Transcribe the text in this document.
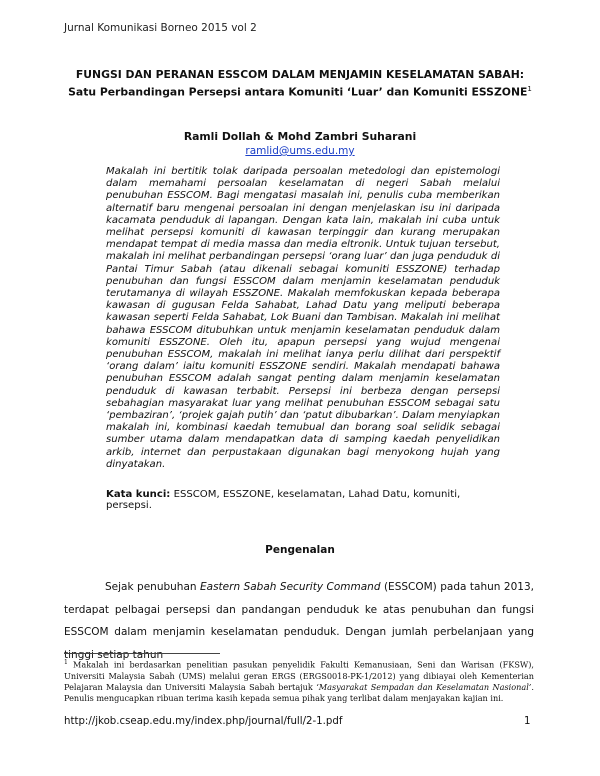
Jurnal Komunikasi Borneo 2015 vol 2
FUNGSI DAN PERANAN ESSCOM DALAM MENJAMIN KESELAMATAN SABAH:
Satu Perbandingan Persepsi antara Komuniti ‘Luar’ dan Komuniti ESSZONE$^1$
Ramli Dollah & Mohd Zambri Suharani
ramlid@ums.edu.my

Makalah ini bertitik tolak daripada persoalan metedologi dan epistemologi dalam memahami persoalan keselamatan di negeri Sabah melalui penubuhan ESSCOM. Bagi mengatasi masalah ini, penulis cuba memberikan alternatif baru mengenai persoalan ini dengan menjelaskan isu ini daripada kacamata penduduk di lapangan. Dengan kata lain, makalah ini cuba untuk melihat persepsi komuniti di kawasan terpinggir dan kurang merupakan mendapat tempat di media massa dan media eltronik. Untuk tujuan tersebut, makalah ini melihat perbandingan persepsi ‘orang luar’ dan juga penduduk di Pantai Timur Sabah (atau dikenali sebagai komuniti ESSZONE) terhadap penubuhan dan fungsi ESSCOM dalam menjamin keselamatan penduduk terutamanya di wilayah ESSZONE. Makalah memfokuskan kepada beberapa kawasan di gugusan Felda Sahabat, Lahad Datu yang meliputi beberapa kawasan seperti Felda Sahabat, Lok Buani dan Tambisan. Makalah ini melihat bahawa ESSCOM ditubuhkan untuk menjamin keselamatan penduduk dalam komuniti ESSZONE. Oleh itu, apapun persepsi yang wujud mengenai penubuhan ESSCOM, makalah ini melihat ianya perlu dilihat dari perspektif ‘orang dalam’ iaitu komuniti ESSZONE sendiri. Makalah mendapati bahawa penubuhan ESSCOM adalah sangat penting dalam menjamin keselamatan penduduk di kawasan terbabit. Persepsi ini berbeza dengan persepsi sebahagian masyarakat luar yang melihat penubuhan ESSCOM sebagai satu ‘pembaziran’, ‘projek gajah putih’ dan ‘patut dibubarkan’. Dalam menyiapkan makalah ini, kombinasi kaedah temubual dan borang soal selidik sebagai sumber utama dalam mendapatkan data di samping kaedah penyelidikan arkib, internet dan perpustakaan digunakan bagi menyokong hujah yang dinyatakan.

Kata kunci: ESSCOM, ESSZONE, keselamatan, Lahad Datu, komuniti, persepsi.

Pengenalan

Sejak penubuhan Eastern Sabah Security Command (ESSCOM) pada tahun 2013, terdapat pelbagai persepsi dan pandangan penduduk ke atas penubuhan dan fungsi ESSCOM dalam menjamin keselamatan penduduk. Dengan jumlah perbelanjaan yang tinggi setiap tahun

$^1$ Makalah ini berdasarkan penelitian pasukan penyelidik Fakulti Kemanusiaan, Seni dan Warisan (FKSW), Universiti Malaysia Sabah (UMS) melalui geran ERGS (ERGS0018-PK-1/2012) yang dibiayai oleh Kementerian Pelajaran Malaysia dan Universiti Malaysia Sabah bertajuk ‘Masyarakat Sempadan dan Keselamatan Nasional’. Penulis mengucapkan ribuan terima kasih kepada semua pihak yang terlibat dalam menjayakan kajian ini.

http://jkob.cseap.edu.my/index.php/journal/full/2-1.pdf	1
